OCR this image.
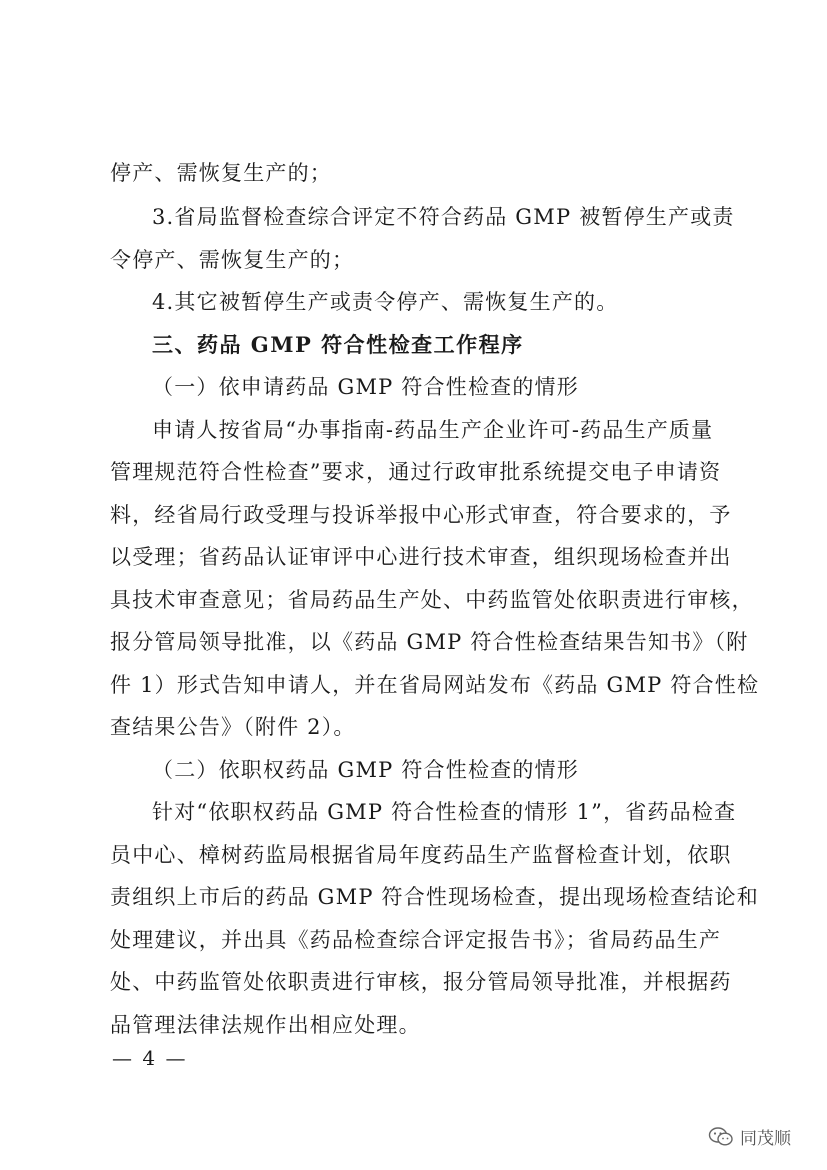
停产、需恢复生产的；
3.省局监督检查综合评定不符合药品 GMP 被暂停生产或责
令停产、需恢复生产的；
4.其它被暂停生产或责令停产、需恢复生产的。
三、药品 GMP 符合性检查工作程序
（一）依申请药品 GMP 符合性检查的情形
申请人按省局“办事指南-药品生产企业许可-药品生产质量
管理规范符合性检查”要求，通过行政审批系统提交电子申请资
料，经省局行政受理与投诉举报中心形式审查，符合要求的，予
以受理；省药品认证审评中心进行技术审查，组织现场检查并出
具技术审查意见；省局药品生产处、中药监管处依职责进行审核，
报分管局领导批准，以《药品 GMP 符合性检查结果告知书》（附
件 1）形式告知申请人，并在省局网站发布《药品 GMP 符合性检
查结果公告》（附件 2）。
（二）依职权药品 GMP 符合性检查的情形
针对“依职权药品 GMP 符合性检查的情形 1”，省药品检查
员中心、樟树药监局根据省局年度药品生产监督检查计划，依职
责组织上市后的药品 GMP 符合性现场检查，提出现场检查结论和
处理建议，并出具《药品检查综合评定报告书》；省局药品生产
处、中药监管处依职责进行审核，报分管局领导批准，并根据药
品管理法律法规作出相应处理。
— 4 —
同茂顺
